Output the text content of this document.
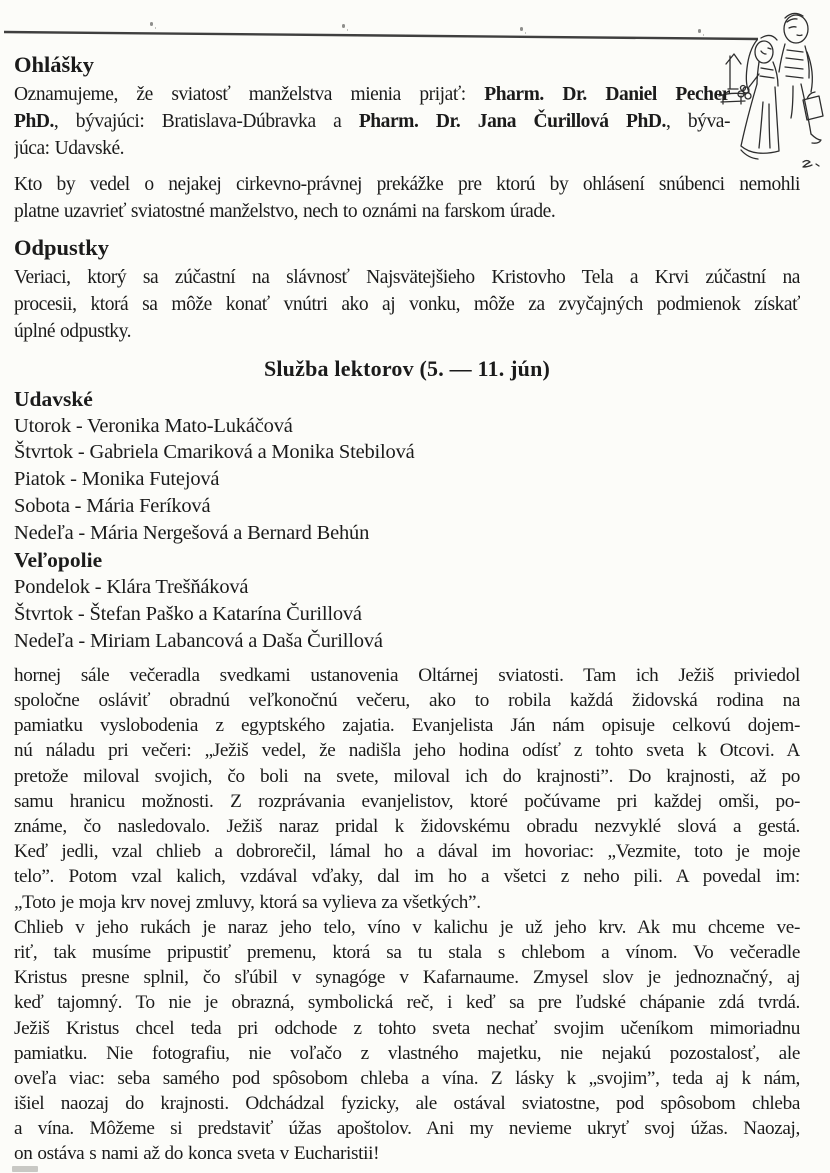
Ohlášky
Oznamujeme, že sviatosť manželstva mienia prijať: Pharm. Dr. Daniel Pecher
PhD., bývajúci: Bratislava-Dúbravka a Pharm. Dr. Jana Čurillová PhD., býva-
júca: Udavské.
Kto by vedel o nejakej cirkevno-právnej prekážke pre ktorú by ohlásení snúbenci nemohli
platne uzavrieť sviatostné manželstvo, nech to oznámi na farskom úrade.
Odpustky
Veriaci, ktorý sa zúčastní na slávnosť Najsvätejšieho Kristovho Tela a Krvi zúčastní na
procesii, ktorá sa môže konať vnútri ako aj vonku, môže za zvyčajných podmienok získať
úplné odpustky.
Služba lektorov (5. — 11. jún)
Udavské
Utorok - Veronika Mato-Lukáčová
Štvrtok - Gabriela Cmariková a Monika Stebilová
Piatok - Monika Futejová
Sobota - Mária Feríková
Nedeľa - Mária Nergešová a Bernard Behún
Veľopolie
Pondelok - Klára Trešňáková
Štvrtok - Štefan Paško a Katarína Čurillová
Nedeľa - Miriam Labancová a Daša Čurillová
hornej sále večeradla svedkami ustanovenia Oltárnej sviatosti. Tam ich Ježiš priviedol
spoločne osláviť obradnú veľkonočnú večeru, ako to robila každá židovská rodina na
pamiatku vyslobodenia z egyptského zajatia. Evanjelista Ján nám opisuje celkovú dojem-
nú náladu pri večeri: „Ježiš vedel, že nadišla jeho hodina odísť z tohto sveta k Otcovi. A
pretože miloval svojich, čo boli na svete, miloval ich do krajnosti”. Do krajnosti, až po
samu hranicu možnosti. Z rozprávania evanjelistov, ktoré počúvame pri každej omši, po-
známe, čo nasledovalo. Ježiš naraz pridal k židovskému obradu nezvyklé slová a gestá.
Keď jedli, vzal chlieb a dobrorečil, lámal ho a dával im hovoriac: „Vezmite, toto je moje
telo”. Potom vzal kalich, vzdával vďaky, dal im ho a všetci z neho pili. A povedal im:
„Toto je moja krv novej zmluvy, ktorá sa vylieva za všetkých”.
Chlieb v jeho rukách je naraz jeho telo, víno v kalichu je už jeho krv. Ak mu chceme ve-
riť, tak musíme pripustiť premenu, ktorá sa tu stala s chlebom a vínom. Vo večeradle
Kristus presne splnil, čo sľúbil v synagóge v Kafarnaume. Zmysel slov je jednoznačný, aj
keď tajomný. To nie je obrazná, symbolická reč, i keď sa pre ľudské chápanie zdá tvrdá.
Ježiš Kristus chcel teda pri odchode z tohto sveta nechať svojim učeníkom mimoriadnu
pamiatku. Nie fotografiu, nie voľačo z vlastného majetku, nie nejakú pozostalosť, ale
oveľa viac: seba samého pod spôsobom chleba a vína. Z lásky k „svojim”, teda aj k nám,
išiel naozaj do krajnosti. Odchádzal fyzicky, ale ostával sviatostne, pod spôsobom chleba
a vína. Môžeme si predstaviť úžas apoštolov. Ani my nevieme ukryť svoj úžas. Naozaj,
on ostáva s nami až do konca sveta v Eucharistii!
